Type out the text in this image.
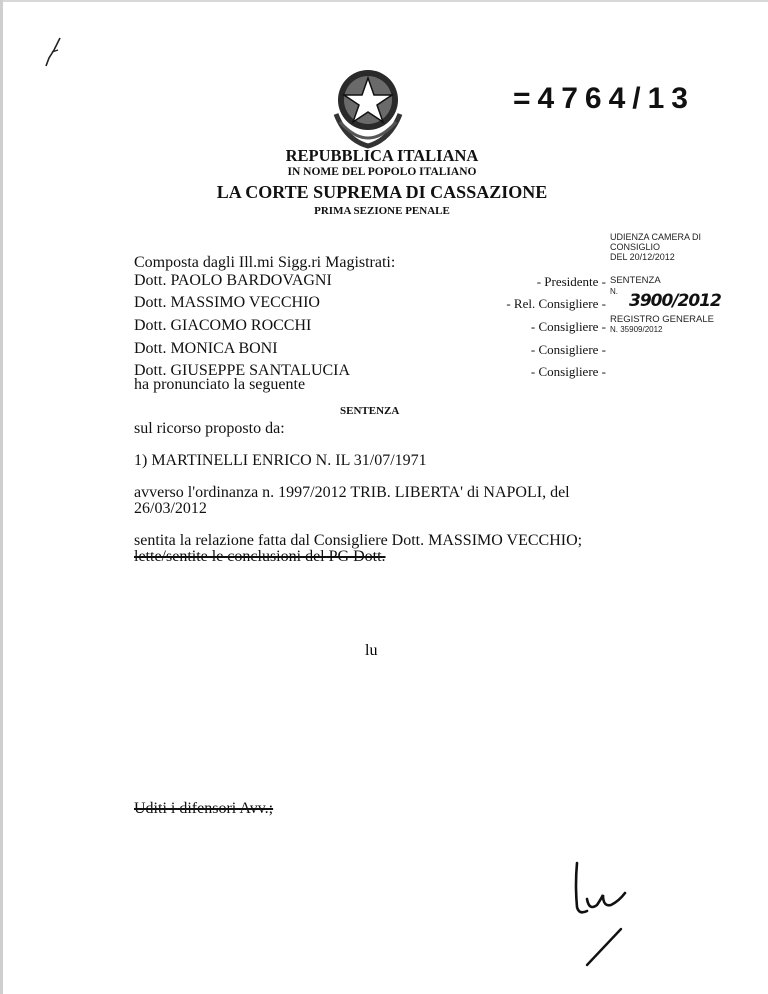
=4764/13
REPUBBLICA ITALIANA
IN NOME DEL POPOLO ITALIANO
LA CORTE SUPREMA DI CASSAZIONE
PRIMA SEZIONE PENALE
UDIENZA CAMERA DI
CONSIGLIO
DEL 20/12/2012
Composta dagli Ill.mi Sigg.ri Magistrati:
Dott. PAOLO BARDOVAGNI
Dott. MASSIMO VECCHIO
Dott. GIACOMO ROCCHI
Dott. MONICA BONI
Dott. GIUSEPPE SANTALUCIA
- Presidente -
- Rel. Consigliere -
- Consigliere -
- Consigliere -
- Consigliere -
SENTENZA
N. 3900/2012
REGISTRO GENERALE
N. 35909/2012
ha pronunciato la seguente
SENTENZA
sul ricorso proposto da:
1) MARTINELLI ENRICO N. IL 31/07/1971
avverso l'ordinanza n. 1997/2012 TRIB. LIBERTA' di NAPOLI, del
26/03/2012
sentita la relazione fatta dal Consigliere Dott. MASSIMO VECCHIO;
lette/sentite le conclusioni del PG Dott.
Uditi i difensori Avv.;
lu
